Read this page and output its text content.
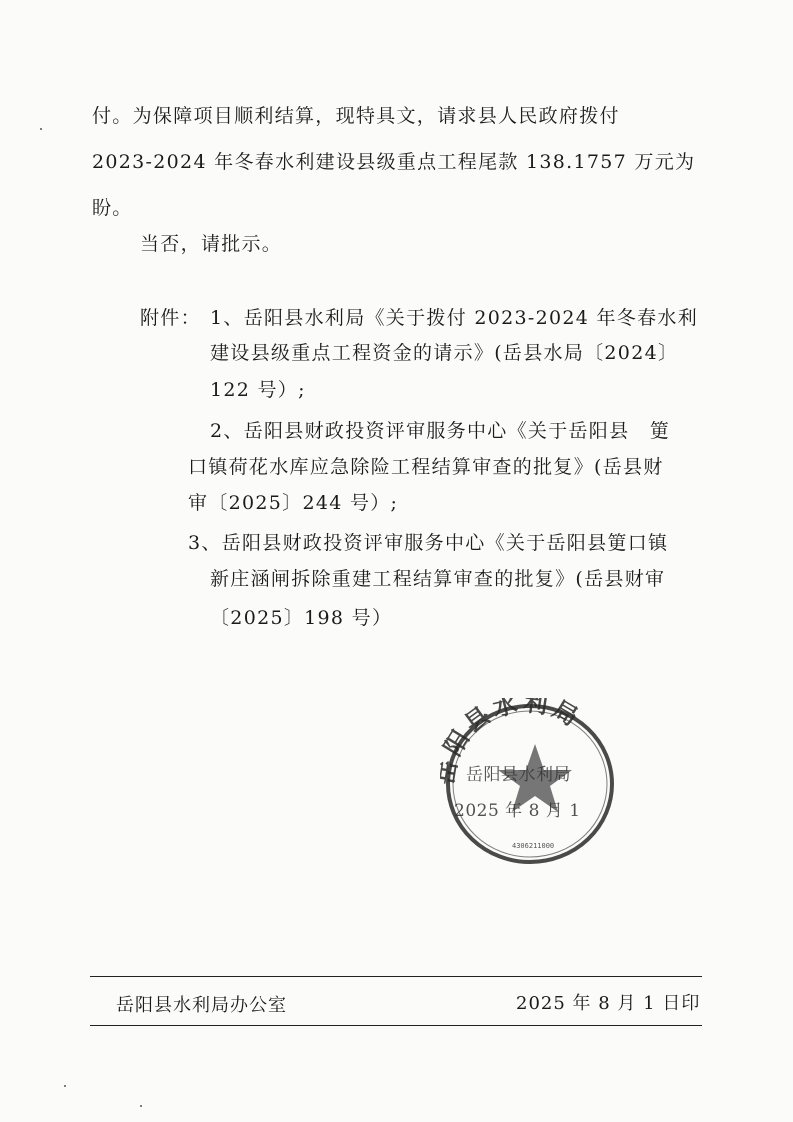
付。为保障项目顺利结算，现特具文，请求县人民政府拨付
2023-2024 年冬春水利建设县级重点工程尾款 138.1757 万元为
盼。
当否，请批示。
附件： 1、岳阳县水利局《关于拨付 2023-2024 年冬春水利
建设县级重点工程资金的请示》(岳县水局〔2024〕
122 号）;
2、岳阳县财政投资评审服务中心《关于岳阳县　筻
口镇荷花水库应急除险工程结算审查的批复》(岳县财
审〔2025〕244 号）;
3、岳阳县财政投资评审服务中心《关于岳阳县筻口镇
新庄涵闸拆除重建工程结算审查的批复》(岳县财审
〔2025〕198 号）
阳县水利局
4306211000
岳阳县水利局
2025 年 8 月 1
岳阳县水利局办公室	2025 年 8 月 1 日印
